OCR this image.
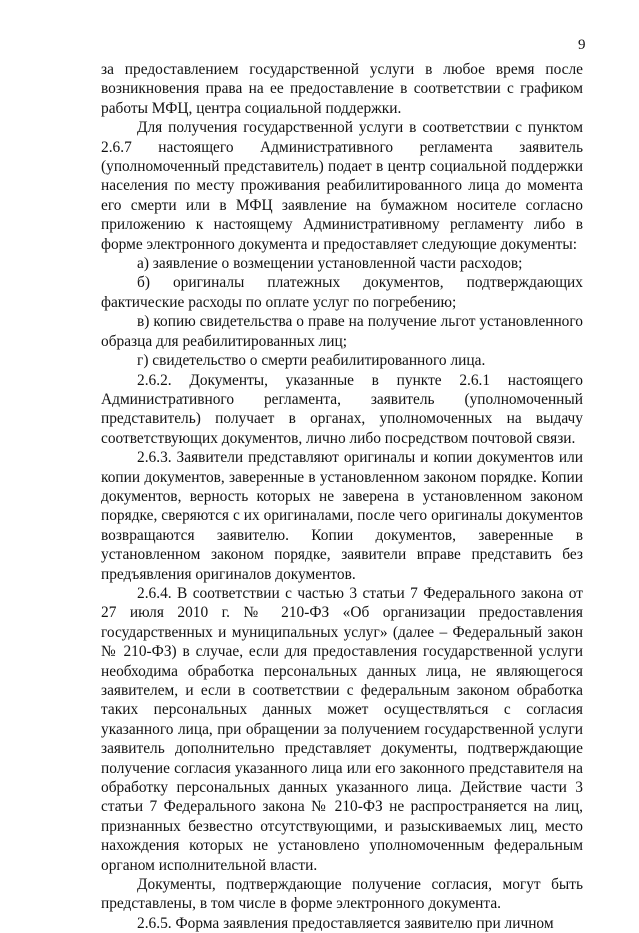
9

за предоставлением государственной услуги в любое время после возникновения права на ее предоставление в соответствии с графиком работы МФЦ, центра социальной поддержки.

Для получения государственной услуги в соответствии с пунктом 2.6.7 настоящего Административного регламента заявитель (уполномоченный представитель) подает в центр социальной поддержки населения по месту проживания реабилитированного лица до момента его смерти или в МФЦ заявление на бумажном носителе согласно приложению к настоящему Административному регламенту либо в форме электронного документа и предоставляет следующие документы:

а) заявление о возмещении установленной части расходов;

б) оригиналы платежных документов, подтверждающих фактические расходы по оплате услуг по погребению;

в) копию свидетельства о праве на получение льгот установленного образца для реабилитированных лиц;

г) свидетельство о смерти реабилитированного лица.

2.6.2. Документы, указанные в пункте 2.6.1 настоящего Административного регламента, заявитель (уполномоченный представитель) получает в органах, уполномоченных на выдачу соответствующих документов, лично либо посредством почтовой связи.

2.6.3. Заявители представляют оригиналы и копии документов или копии документов, заверенные в установленном законом порядке. Копии документов, верность которых не заверена в установленном законом порядке, сверяются с их оригиналами, после чего оригиналы документов возвращаются заявителю. Копии документов, заверенные в установленном законом порядке, заявители вправе представить без предъявления оригиналов документов.

2.6.4. В соответствии с частью 3 статьи 7 Федерального закона от 27 июля 2010 г. № 210-ФЗ «Об организации предоставления государственных и муниципальных услуг» (далее – Федеральный закон № 210-ФЗ) в случае, если для предоставления государственной услуги необходима обработка персональных данных лица, не являющегося заявителем, и если в соответствии с федеральным законом обработка таких персональных данных может осуществляться с согласия указанного лица, при обращении за получением государственной услуги заявитель дополнительно представляет документы, подтверждающие получение согласия указанного лица или его законного представителя на обработку персональных данных указанного лица. Действие части 3 статьи 7 Федерального закона № 210-ФЗ не распространяется на лиц, признанных безвестно отсутствующими, и разыскиваемых лиц, место нахождения которых не установлено уполномоченным федеральным органом исполнительной власти.

Документы, подтверждающие получение согласия, могут быть представлены, в том числе в форме электронного документа.

2.6.5. Форма заявления предоставляется заявителю при личном
